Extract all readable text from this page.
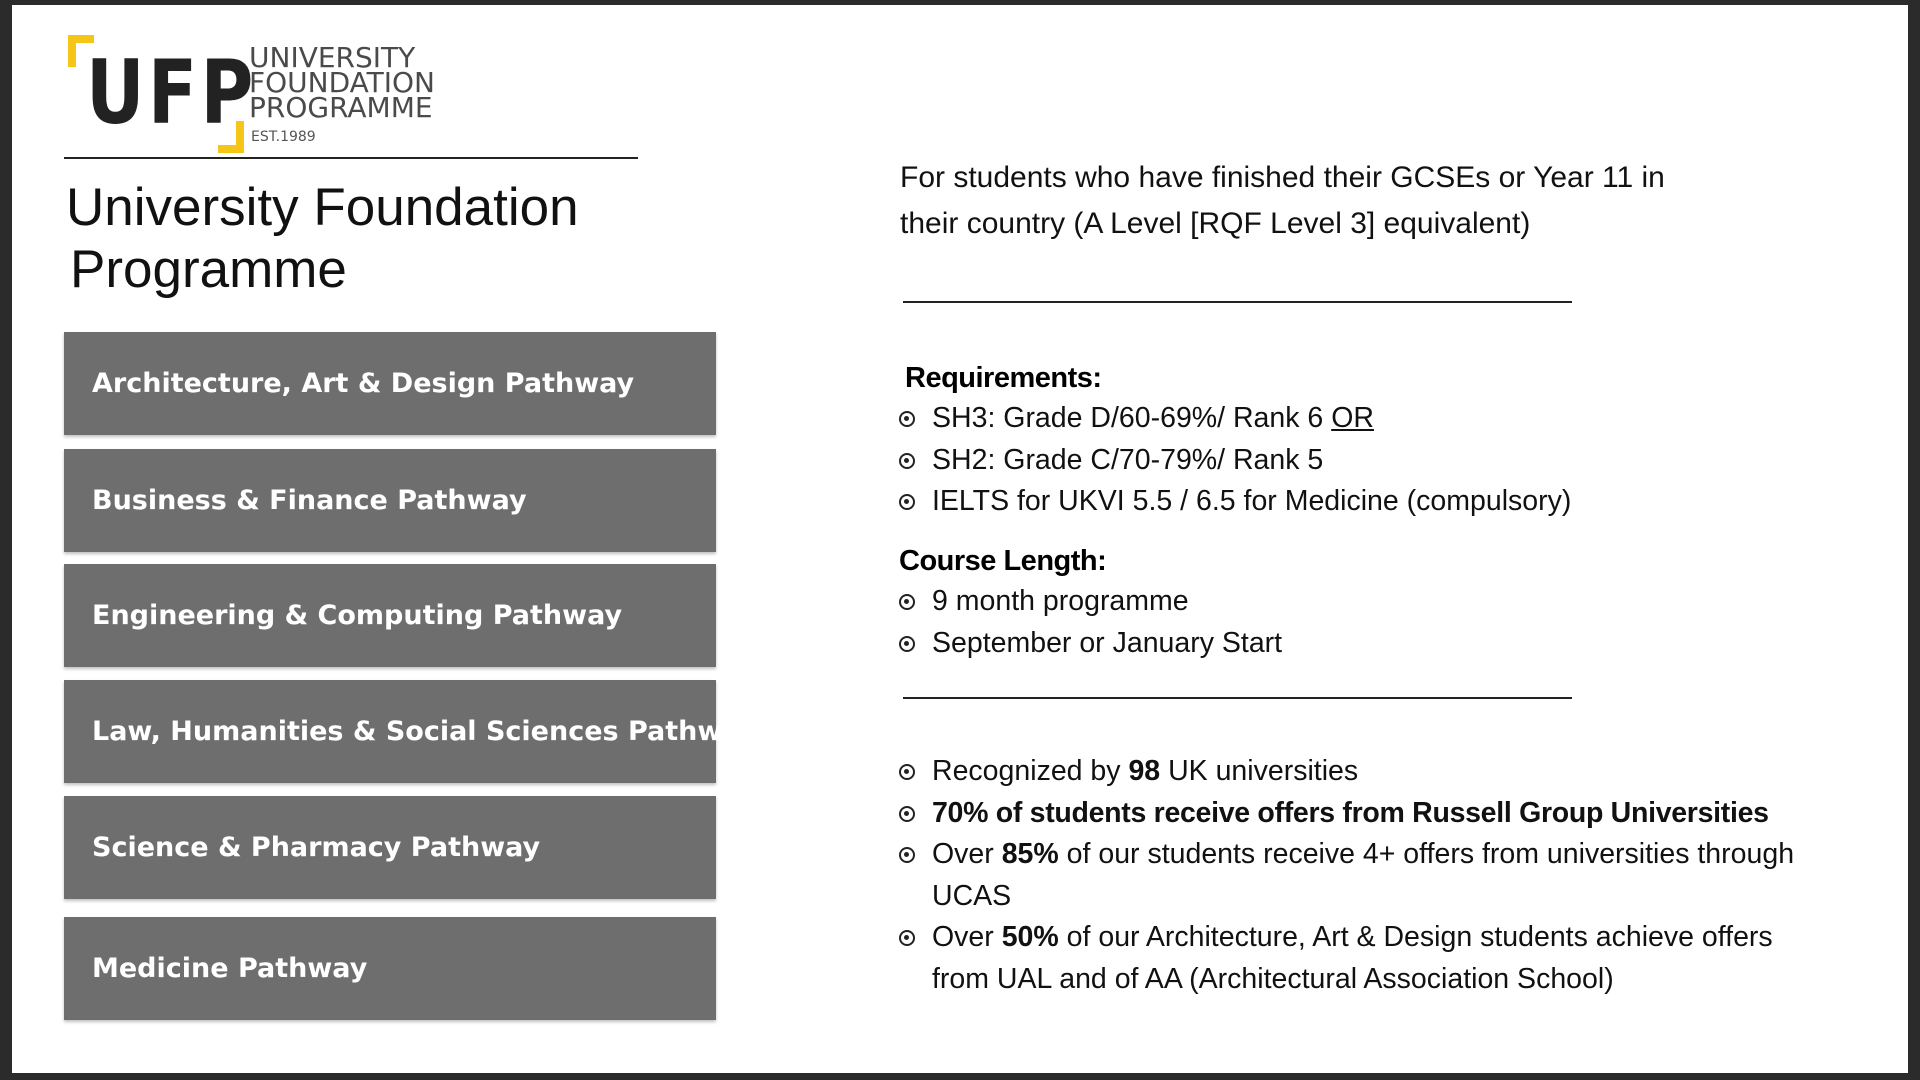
UFP
UNIVERSITY
FOUNDATION
PROGRAMME
EST.1989
University Foundation
Programme
Architecture, Art & Design Pathway
Business & Finance Pathway
Engineering & Computing Pathway
Law, Humanities & Social Sciences Pathway
Science & Pharmacy Pathway
Medicine Pathway
For students who have finished their GCSEs or Year 11 in
their country (A Level [RQF Level 3] equivalent)
Requirements:
SH3: Grade D/60-69%/ Rank 6 OR
SH2: Grade C/70-79%/ Rank 5
IELTS for UKVI 5.5 / 6.5 for Medicine (compulsory)
Course Length:
9 month programme
September or January Start
Recognized by 98 UK universities
70% of students receive offers from Russell Group Universities
Over 85% of our students receive 4+ offers from universities through
UCAS
Over 50% of our Architecture, Art & Design students achieve offers
from UAL and of AA (Architectural Association School)
